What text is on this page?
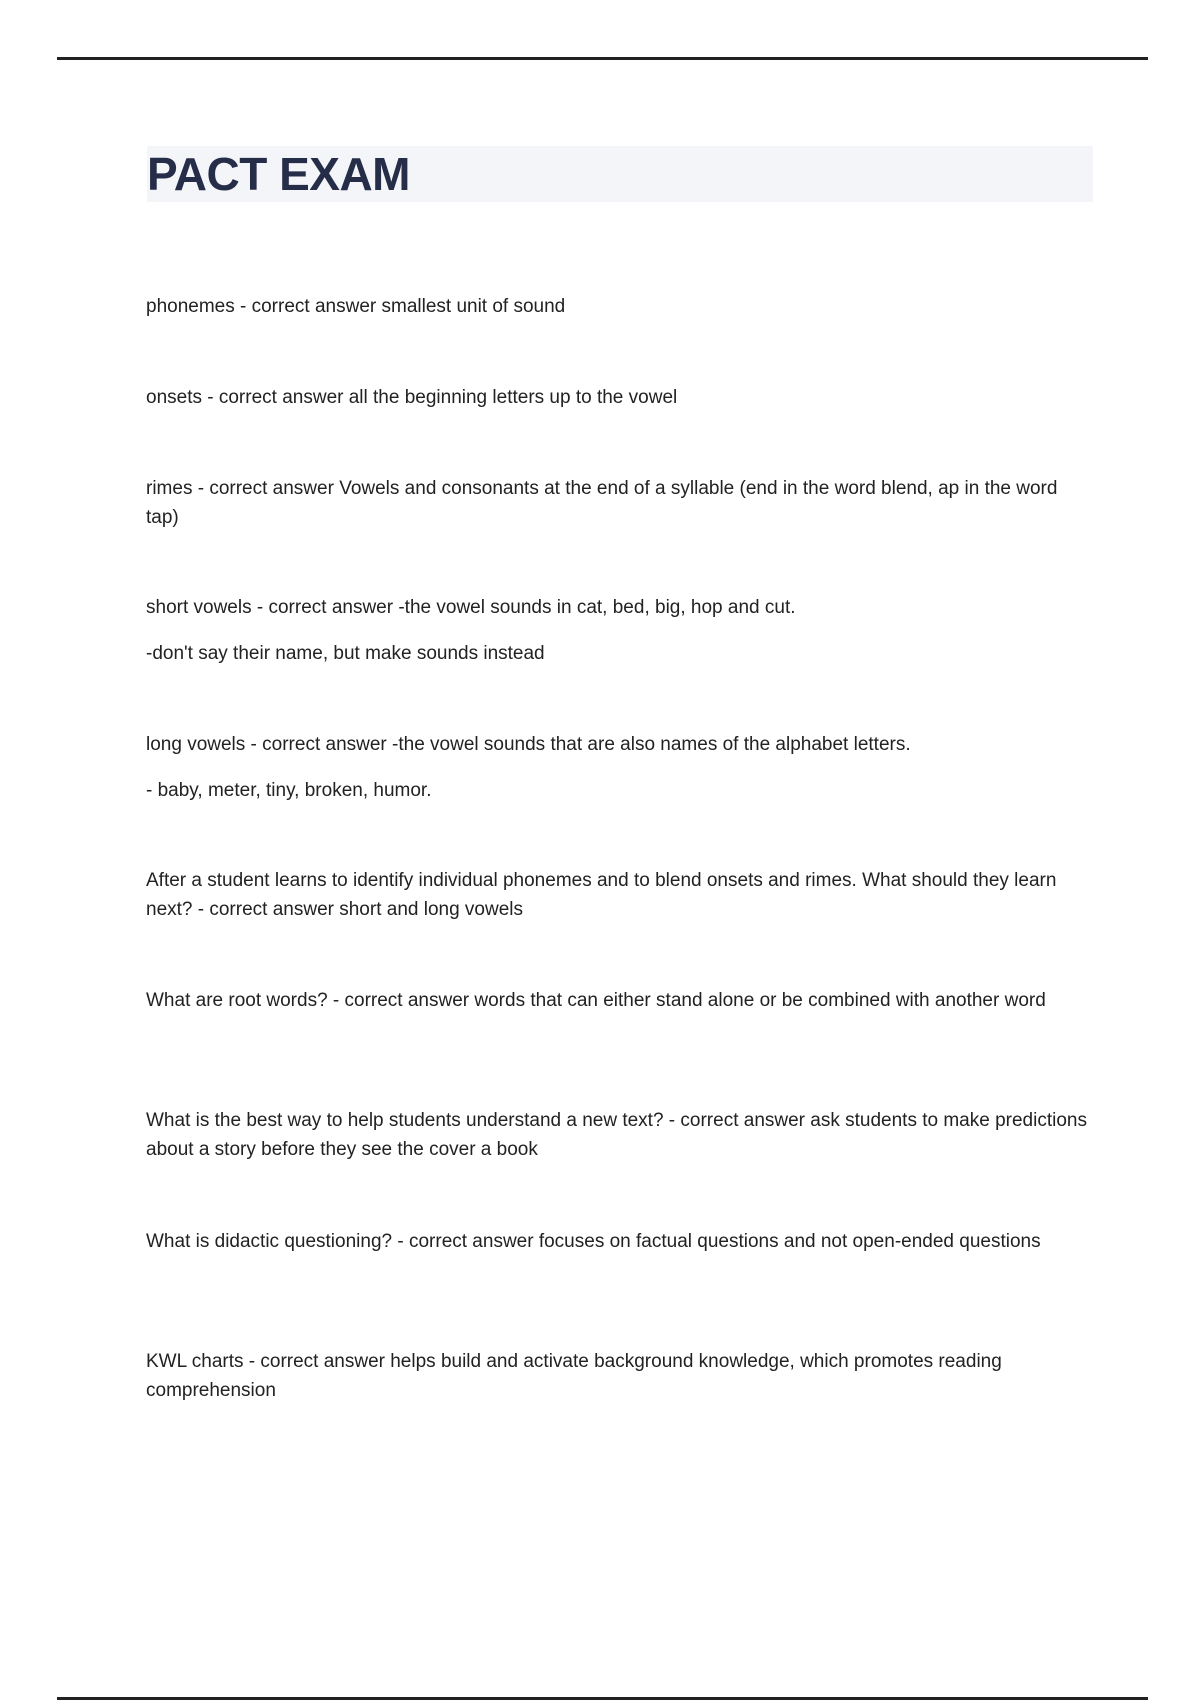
PACT EXAM

phonemes - correct answer smallest unit of sound

onsets - correct answer all the beginning letters up to the vowel

rimes - correct answer Vowels and consonants at the end of a syllable (end in the word blend, ap in the word tap)

short vowels - correct answer -the vowel sounds in cat, bed, big, hop and cut.

-don't say their name, but make sounds instead

long vowels - correct answer -the vowel sounds that are also names of the alphabet letters.

- baby, meter, tiny, broken, humor.

After a student learns to identify individual phonemes and to blend onsets and rimes. What should they learn next? - correct answer short and long vowels

What are root words? - correct answer words that can either stand alone or be combined with another word

What is the best way to help students understand a new text? - correct answer ask students to make predictions about a story before they see the cover a book

What is didactic questioning? - correct answer focuses on factual questions and not open-ended questions

KWL charts - correct answer helps build and activate background knowledge, which promotes reading comprehension
